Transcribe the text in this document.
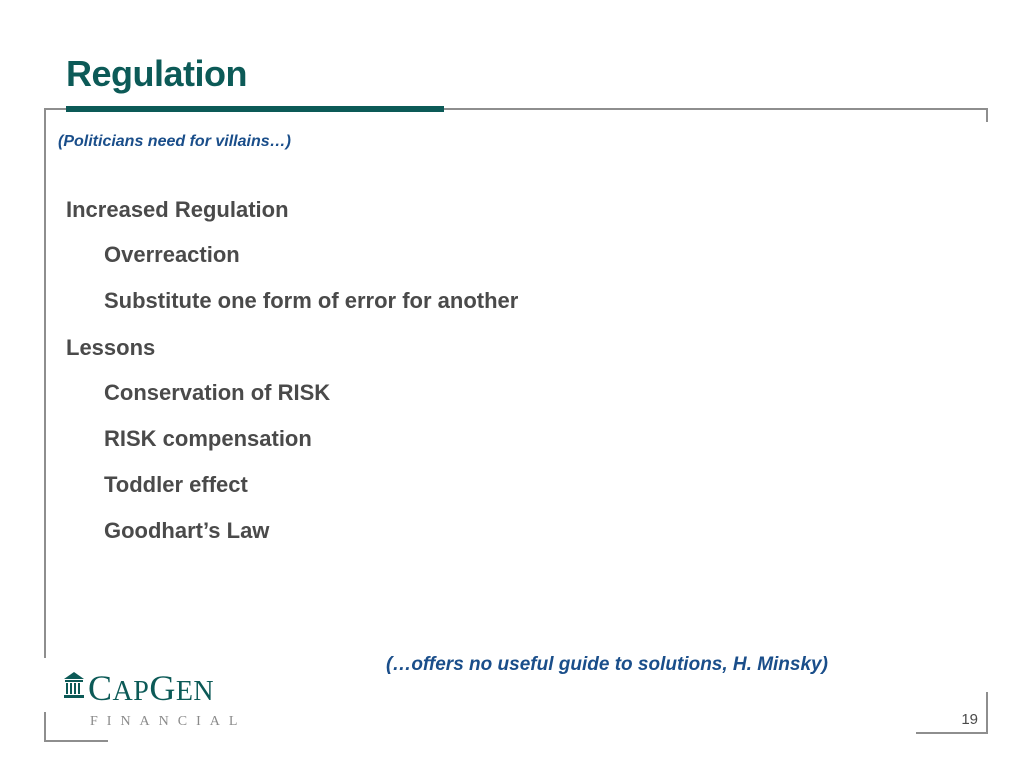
Regulation
(Politicians need for villains…)
Increased Regulation
Overreaction
Substitute one form of error for another
Lessons
Conservation of RISK
RISK compensation
Toddler effect
Goodhart’s Law
(…offers no useful guide to solutions, H. Minsky)
CAPGEN
FINANCIAL	19
